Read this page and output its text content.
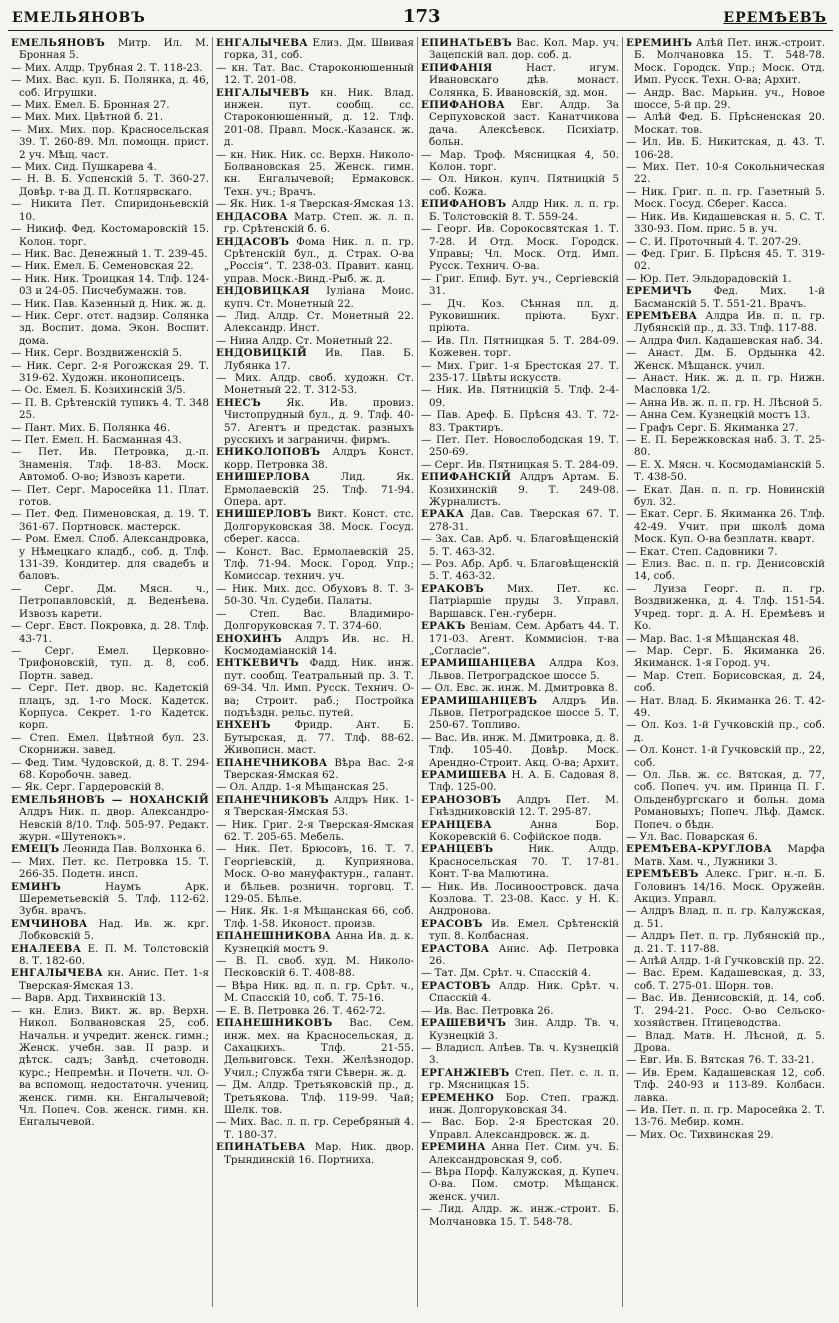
ЕМЕЛЬЯНОВЪ	173	ЕРЕМѢЕВЪ

ЕМЕЛЬЯНОВЪ Митр. Ил. М. Бронная 5.

— Мих. Алдр. Трубная 2. Т. 118-23.

— Мих. Вас. куп. Б. Полянка, д. 46, соб. Игрушки.

— Мих. Емел. Б. Бронная 27.

— Мих. Мих. Цвѣтной б. 21.

— Мих. Мих. пор. Красносельская 39. Т. 260-89. Мл. помощн. прист. 2 уч. Мѣщ. част.

— Мих. Сид. Пушкарева 4.

— Н. В. Б. Успенскій 5. Т. 360-27. Довѣр. т-ва Д. П. Котлярвскаго.

— Никита Пет. Спиридоньевскій 10.

— Никиф. Фед. Костомаровскій 15. Колон. торг.

— Ник. Вас. Денежный 1. Т. 239-45.

— Ник. Емел. Б. Семеновская 22.

— Ник. Ник. Троицкая 14. Тлф. 124-03 и 24-05. Писчебумажн. тов.

— Ник. Пав. Казенный д. Ник. ж. д.

— Ник. Серг. отст. надзир. Солянка зд. Воспит. дома. Экон. Воспит. дома.

— Ник. Серг. Воздвиженскій 5.

— Ник. Серг. 2-я Рогожская 29. Т. 319-62. Художн. иконописецъ.

— Ос. Емел. Б. Козихинскій 3/5.

— П. В. Срѣтенскій тупикъ 4. Т. 348 25.

— Пант. Мих. Б. Полянка 46.

— Пет. Емел. Н. Басманная 43.

— Пет. Ив. Петровка, д.-п. Знаменія. Тлф. 18-83. Моск. Автомоб. О-во; Извозъ карети.

— Пет. Серг. Маросейка 11. Плат. готов.

— Пет. Фед. Пименовская, д. 19. Т. 361-67. Портновск. мастерск.

— Ром. Емел. Слоб. Александровка, у Нѣмецкаго кладб., соб. д. Тлф. 131-39. Кондитер. для свадебъ и баловъ.

— Серг. Дм. Мясн. ч., Петропавловскій, д. Веденѣева. Извозъ карети.

— Серг. Евст. Покровка, д. 28. Тлф. 43-71.

— Серг. Емел. Церковно-Трифоновскій, туп. д. 8, соб. Портн. завед.

— Серг. Пет. двор. нс. Кадетскій плацъ, зд. 1-го Моск. Кадетск. Корпуса. Секрет. 1-го Кадетск. корп.

— Степ. Емел. Цвѣтной бул. 23. Скорнижн. завед.

— Фед. Тим. Чудовской, д. 8. Т. 294-68. Коробочн. завед.

— Як. Серг. Гардеровскій 8.

ЕМЕЛЬЯНОВЪ — НОХАНСКІЙ Алдръ Ник. п. двор. Александро-Невскій 8/10. Тлф. 505-97. Редакт. журн. «Шутенокъ».

ЕМЕЦЪ Леонида Пав. Волхонка 6.

— Мих. Пет. кс. Петровка 15. Т. 266-35. Подетн. инсп.

ЕМИНЪ	Наумъ Арк. Шереметьевскій 5. Тлф. 112-62. Зубн. врачъ.

ЕМЧИНОВА Над. Ив. ж. крг. Лобковскій 5.

ЕНАЛЕЕВА Е. П. М. Толстовскій 8. Т. 182-60.

ЕНГАЛЫЧЕВА кн. Анис. Пет. 1-я Тверская-Ямская 13.

— Варв. Ард. Тихвинскій 13.

— кн. Елиз. Викт. ж. вр. Верхн. Никол. Болвановская 25, соб. Начальн. и учредит. женск. гимн.; Женск. учебн. зав. II разр. и дѣтск. садъ; Завѣд. счетоводн. курс.; Непремѣн. и Почетн. чл. О-ва вспомощ. недостаточн. учениц. женск. гимн. кн. Енгалычевой; Чл. Попеч. Сов. женск. гимн. кн. Енгалычевой.

ЕНГАЛЫЧЕВА Елиз. Дм. Швивая горка, 31, соб.

— кн. Тат. Вас. Староконюшенный 12. Т. 201-08.

ЕНГАЛЫЧЕВЪ кн. Ник. Влад. инжен. пут. сообщ. сс. Староконюшенный, д. 12. Тлф. 201-08. Правл. Моск.-Казанск. ж. д.

— кн. Ник. Ник. сс. Верхн. Николо-Болвановская 25. Женск. гимн. кн. Енгалычевой; Ермаковск. Техн. уч.; Врачъ.

— Як. Ник. 1-я Тверская-Ямская 13.

ЕНДАСОВА Матр. Степ. ж. л. п. гр. Срѣтенскій б. 6.

ЕНДАСОВЪ Фома Ник. л. п. гр. Срѣтенскій бул., д. Страх. О-ва „Россія“. Т. 238-03. Правит. канц. управ. Моск.-Винд.-Рыб. ж. д.

ЕНДОВИЦКАЯ Іуліана Моис. купч. Ст. Монетный 22.

— Лид. Алдр. Ст. Монетный 22. Александр. Инст.

— Нина Алдр. Ст. Монетный 22.

ЕНДОВИЦКІЙ Ив. Пав. Б. Лубянка 17.

— Мих. Алдр. своб. художн. Ст. Монетный 22. Т. 312-53.

ЕНЕСЪ Як. Ив. провиз. Чистопрудный бул., д. 9. Тлф. 40-57. Агентъ и предстак. разныхъ русскихъ и заграничн. фирмъ.

ЕНИКОЛОПОВЪ Алдръ Конст. корр. Петровка 38.

ЕНИШЕРЛОВА	Лид. Як. Ермолаевскій 25. Тлф. 71-94. Опера. арт.

ЕНИШЕРЛОВЪ Викт. Конст. стс. Долгоруковская 38. Моск. Госуд. сберег. касса.

— Конст. Вас. Ермолаевскій 25. Тлф. 71-94. Моск. Город. Упр.; Комиссар. технич. уч.

— Ник. Мих. дсс. Обуховъ 8. Т. 3-50-30. Чл. Судеби. Палаты.

— Степ. Вас. Владимиро-Долгоруковская 7. Т. 374-60.

ЕНОХИНЪ Алдръ Ив. нс. Н. Космодаміанскій 14.

ЕНТКЕВИЧЪ Фадд. Ник. инж. пут. сообщ. Театральный пр. 3. Т. 69-34. Чл. Имп. Русск. Технич. О-ва; Строит. раб.; Постройка подъѣздн. рельс. путей.

ЕНХЕНЪ Фридр. Ант. Б. Бутырская, д. 77. Тлф. 88-62. Живописн. маст.

ЕПАНЕЧНИКОВА Вѣра Вас. 2-я Тверская-Ямская 62.

— Ол. Алдр. 1-я Мѣщанская 25.

ЕПАНЕЧНИКОВЪ Алдръ Ник. 1-я Тверская-Ямская 53.

— Ник. Григ. 2-я Тверская-Ямская 62. Т. 205-65. Мебель.

— Ник. Пет. Брюсовъ, 16. Т. 7. Георгіевскій, д. Куприянова. Моск. О-во мануфактурн., галант. и бѣльев. розничн. торговц. Т. 129-05. Бѣлье.

— Ник. Як. 1-я Мѣщанская 66, соб. Тлф. 1-58. Иконост. произв.

ЕПАНЕШНИКОВА Анна Ив. д. к. Кузнецкій мостъ 9.

— В. П. своб. худ. М. Николо-Песковскій 6. Т. 408-88.

— Вѣра Ник. вд. п. п. гр. Срѣт. ч., М. Спасскій 10, соб. Т. 75-16.

— Е. В. Петровка 26. Т. 462-72.

ЕПАНЕШНИКОВЪ Вас. Сем. инж. мех. на Красносельская, д. Сахацкихъ. Тлф. 21-55. Дельвиговск. Техн. Желѣзнодор. Учил.; Служба тяги Сѣверн. ж. д.

— Дм. Алдр. Третьяковскій пр., д. Третьякова. Тлф. 119-99. Чай; Шелк. тов.

— Мих. Вас. л. п. гр. Серебряный 4. Т. 180-37.

ЕПИНАТЬЕВА Мар. Ник. двор. Трындинскій 16. Портниха.

ЕПИНАТЬЕВЪ Вас. Кол. Мар. уч. Зацепскій вал. дор. соб. д.

ЕПИФАНІЯ	Наст. игум. Ивановскаго дѣв. монаст. Солянка, Б. Ивановскій, зд. мон.

ЕПИФАНОВА Евг. Алдр. За Серпуховской заст. Канатчикова дача. Алексѣевск. Психіатр. больн.

— Мар. Троф. Мясницкая 4, 50. Колон. торг.

— Ол. Никон. купч. Пятницкій 5 соб. Кожа.

ЕПИФАНОВЪ Алдр Ник. л. п. гр. Б. Толстовскій 8. Т. 559-24.

— Георг. Ив. Сорокосвятская 1. Т. 7-28. И Отд. Моск. Городск. Управы; Чл. Моск. Отд. Имп. Русск. Технич. О-ва.

— Григ. Епиф. Бут. уч., Сергіевскій 31.

— Дч. Коз. Сѣнная пл. д. Руковишник. пріюта. Бухг. пріюта.

— Ив. Пл. Пятницкая 5. Т. 284-09. Кожевен. торг.

— Мих. Григ. 1-я Брестская 27. Т. 235-17. Цвѣты искусств.

— Ник. Ив. Пятницкій 5. Тлф. 2-4-09.

— Пав. Ареф. Б. Прѣсня 43. Т. 72-83. Трактиръ.

— Пет. Пет. Новослободская 19. Т. 250-69.

— Серг. Ив. Пятницкая 5. Т. 284-09.

ЕПИФАНСКІЙ Алдръ Артам. Б. Козихинскій 9. Т. 249-08. Журналистъ.

ЕРАКА Дав. Сав. Тверская 67. Т. 278-31.

— Зах. Сав. Арб. ч. Благовѣщенскій 5. Т. 463-32.

— Роз. Абр. Арб. ч. Благовѣщенскій 5. Т. 463-32.

ЕРАКОВЪ Мих. Пет. кс. Патріаршіе пруды 3. Управл. Варшавск. Ген.-губерн.

ЕРАКЪ Веніам. Сем. Арбатъ 44. Т. 171-03. Агент. Коммисіон. т-ва „Согласіе“.

ЕРАМИШАНЦЕВА Алдра Коз. Львов. Петроградское шоссе 5.

— Ол. Евс. ж. инж. М. Дмитровка 8.

ЕРАМИШАНЦЕВЪ Алдръ Ив. Львов. Петроградское шоссе 5. Т. 250-67. Топливо.

— Вас. Ив. инж. М. Дмитровка, д. 8. Тлф. 105-40. Довѣр. Моск. Арендно-Строит. Акц. О-ва; Архит.

ЕРАМИШЕВА Н. А. Б. Садовая 8. Тлф. 125-00.

ЕРАНОЗОВЪ Алдръ Пет. М. Гнѣздниковскій 12. Т. 295-87.

ЕРАНЦЕВА	Анна Бор. Кокоревскій 6. Софійское подв.

ЕРАНЦЕВЪ	Ник. Алдр. Красносельская 70. Т. 17-81. Конт. Т-ва Малютина.

— Ник. Ив. Лосиноостровск. дача Козлова. Т. 23-08. Касс. у Н. К. Андронова.

ЕРАСОВЪ Ив. Емел. Срѣтенскій туп. 8. Колбасная.

ЕРАСТОВА Анис. Аф. Петровка 26.

— Тат. Дм. Срѣт. ч. Спасскій 4.

ЕРАСТОВЪ Алдр. Ник. Срѣт. ч. Спасскій 4.

— Ив. Вас. Петровка 26.

ЕРАШЕВИЧЪ Зин. Алдр. Тв. ч. Кузнецкій 3.

— Владисл. Алѣев. Тв. ч. Кузнецкій 3.

ЕРГАНЖІЕВЪ Степ. Пет. с. л. п. гр. Мясницкая 15.

ЕРЕМЕНКО Бор. Степ. гражд. инж. Долгоруковская 34.

— Вас. Бор. 2-я Брестская 20. Управл. Александровск. ж. д.

ЕРЕМИНА Анна Пет. Сим. уч. Б. Александровская 9, соб.

— Вѣра Порф. Калужская, д. Купеч. О-ва. Пом. смотр. Мѣщанск. женск. учил.

— Лид. Алдр. ж. инж.-строит. Б. Молчановка 15. Т. 548-78.

ЕРЕМИНЪ Алѣй Пет. инж.-строит. Б. Молчановка 15. Т. 548-78. Моск. Городск. Упр.; Моск. Отд. Имп. Русск. Техн. О-ва; Архит.

— Андр. Вас. Марьин. уч., Новое шоссе, 5-й пр. 29.

— Алѣй Фед. Б. Прѣсненская 20. Москат. тов.

— Ил. Ив. Б. Никитская, д. 43. Т. 106-28.

— Мих. Пет. 10-я Сокольническая 22.

— Ник. Григ. п. п. гр. Газетный 5. Моск. Госуд. Сберег. Касса.

— Ник. Ив. Кидашевская н. 5. С. Т. 330-93. Пом. прис. 5 в. уч.

— С. И. Проточный 4. Т. 207-29.

— Фед. Григ. Б. Прѣсня 45. Т. 319-02.

— Юр. Пет. Эльдорадовскій 1.

ЕРЕМИЧЪ Фед. Мих. 1-й Басманскій 5. Т. 551-21. Врачъ.

ЕРЕМѢЕВА Алдра Ив. п. п. гр. Лубянскій пр., д. 33. Тлф. 117-88.

— Алдра Фил. Кадашевская наб. 34.

— Анаст. Дм. Б. Ордынка 42. Женск. Мѣщанск. учил.

— Анаст. Ник. ж. д. п. гр. Нижн. Масловка 1/2.

— Анна Ив. ж. п. п. гр. Н. Лѣсной 5.

— Анна Сем. Кузнецкій мостъ 13.

— Графъ Серг. Б. Якиманка 27.

— Е. П. Бережковская наб. 3. Т. 25-80.

— Е. Х. Мясн. ч. Космодаміанскій 5. Т. 438-50.

— Екат. Дан. п. п. гр. Новинскій бул. 32.

— Екат. Серг. Б. Якиманка 26. Тлф. 42-49. Учит. при школѣ дома Моск. Куп. О-ва безплатн. кварт.

— Екат. Степ. Садовники 7.

— Елиз. Вас. п. п. гр. Денисовскій 14, соб.

— Луиза Георг. п. п. гр. Воздвиженка, д. 4. Тлф. 151-54. Учред. торг. д. А. Н. Еремѣевъ и Ко.

— Мар. Вас. 1-я Мѣщанская 48.

— Мар. Серг. Б. Якиманка 26. Якиманск. 1-я Город. уч.

— Мар. Степ. Борисовская, д. 24, соб.

— Нат. Влад. Б. Якиманка 26. Т. 42-49.

— Ол. Коз. 1-й Гучковскій пр., соб. д.

— Ол. Конст. 1-й Гучковскій пр., 22, соб.

— Ол. Льв. ж. сс. Вятская, д. 77, соб. Попеч. уч. им. Принца П. Г. Ольденбургскаго и больн. дома Романовыхъ; Попеч. Лѣф. Дамск. Попеч. о бѣдн.

— Ул. Вас. Поварская 6.

ЕРЕМѢЕВА-КРУГЛОВА Марфа Матв. Хам. ч., Лужники 3.

ЕРЕМѢЕВЪ Алекс. Григ. н.-п. Б. Головинъ 14/16. Моск. Оружейн. Акциз. Управл.

— Алдръ Влад. п. п. гр. Калужская, д. 51.

— Алдръ Пет. п. гр. Лубянскій пр., д. 21. Т. 117-88.

— Алѣй Алдр. 1-й Гучковскій пр. 22.

— Вас. Ерем. Кадашевская, д. 33, соб. Т. 275-01. Шорн. тов.

— Вас. Ив. Денисовскій, д. 14, соб. Т. 294-21. Росс. О-во Сельско-хозяйствен. Птицеводства.

— Влад. Матв. Н. Лѣсной, д. 5. Дрова.

— Евг. Ив. Б. Вятская 76. Т. 33-21.

— Ив. Ерем. Кадашевская 12, соб. Тлф. 240-93 и 113-89. Колбасн. лавка.

— Ив. Пет. п. п. гр. Маросейка 2. Т. 13-76. Мебир. комн.

— Мих. Ос. Тихвинская 29.
